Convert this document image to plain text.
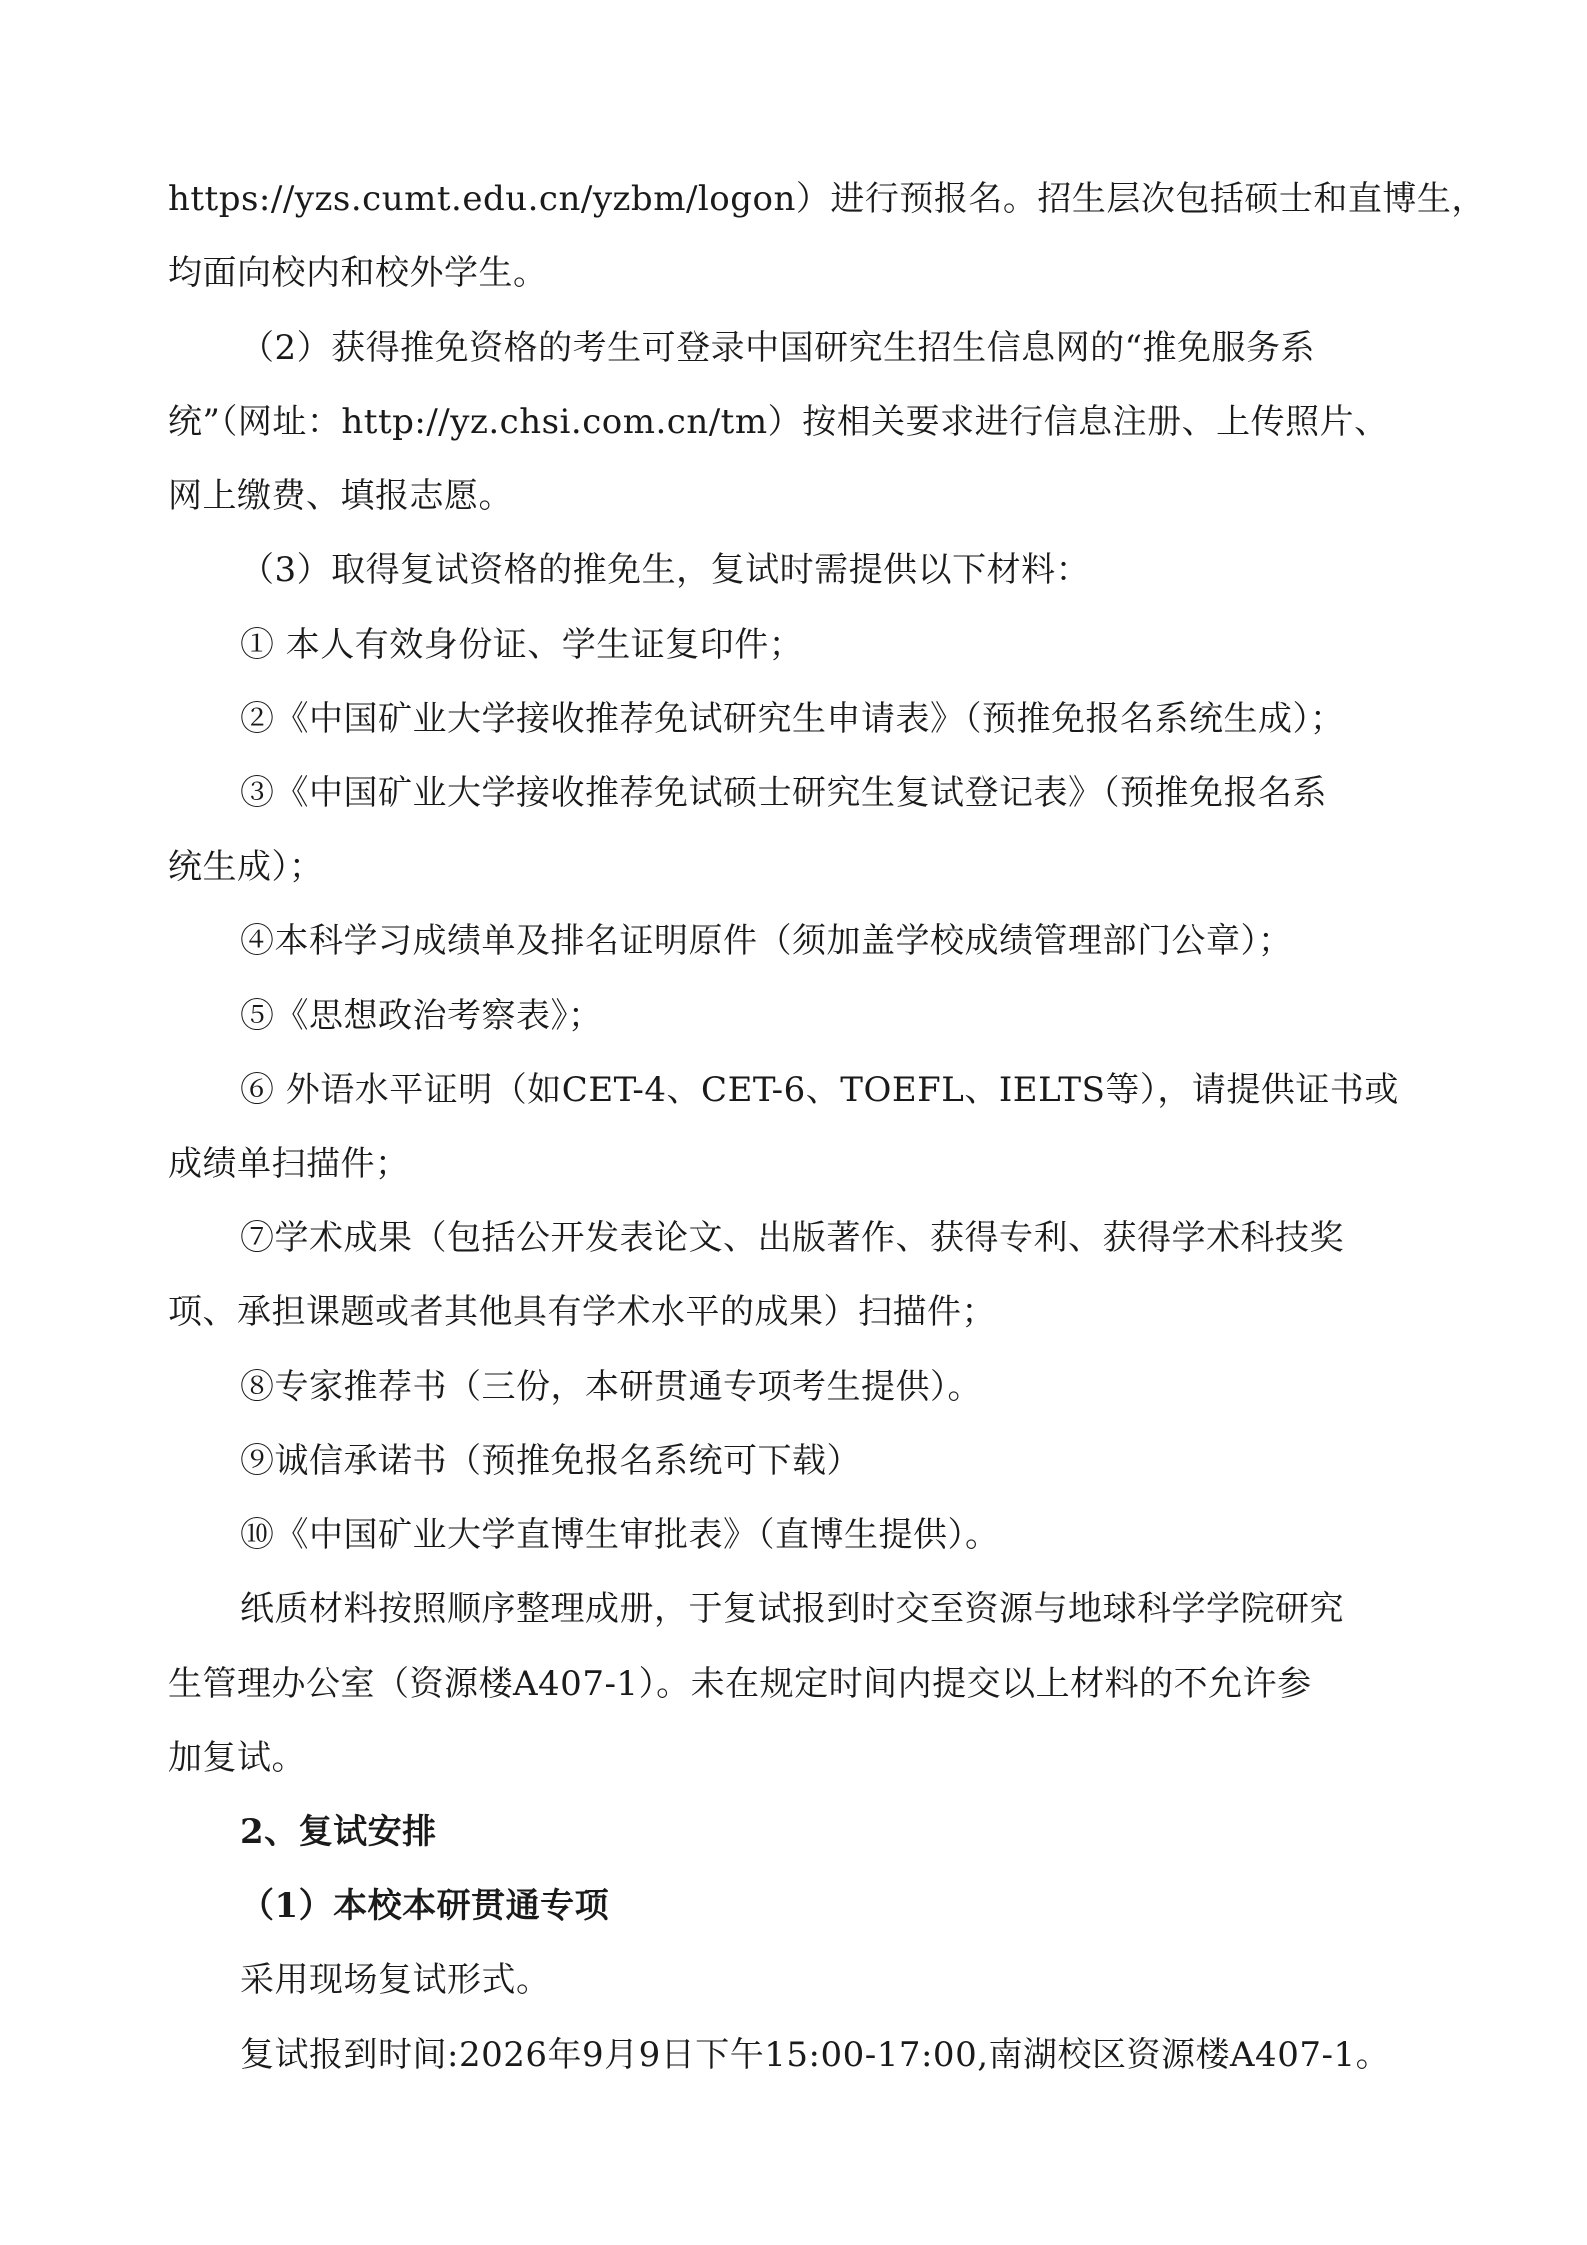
https://yzs.cumt.edu.cn/yzbm/logon）进行预报名。招生层次包括硕士和直博生，
均面向校内和校外学生。
（2）获得推免资格的考生可登录中国研究生招生信息网的“推免服务系
统”（网址：http://yz.chsi.com.cn/tm）按相关要求进行信息注册、上传照片、
网上缴费、填报志愿。
（3）取得复试资格的推免生，复试时需提供以下材料：
① 本人有效身份证、学生证复印件；
②《中国矿业大学接收推荐免试研究生申请表》（预推免报名系统生成）；
③《中国矿业大学接收推荐免试硕士研究生复试登记表》（预推免报名系
统生成）；
④本科学习成绩单及排名证明原件（须加盖学校成绩管理部门公章）；
⑤《思想政治考察表》；
⑥ 外语水平证明（如CET-4、CET-6、TOEFL、IELTS等），请提供证书或
成绩单扫描件；
⑦学术成果（包括公开发表论文、出版著作、获得专利、获得学术科技奖
项、承担课题或者其他具有学术水平的成果）扫描件；
⑧专家推荐书（三份，本研贯通专项考生提供）。
⑨诚信承诺书（预推免报名系统可下载）
⑩《中国矿业大学直博生审批表》（直博生提供）。
纸质材料按照顺序整理成册，于复试报到时交至资源与地球科学学院研究
生管理办公室（资源楼A407-1）。未在规定时间内提交以上材料的不允许参
加复试。
2、复试安排
（1）本校本研贯通专项
采用现场复试形式。
复试报到时间:2026年9月9日下午15:00-17:00,南湖校区资源楼A407-1。
